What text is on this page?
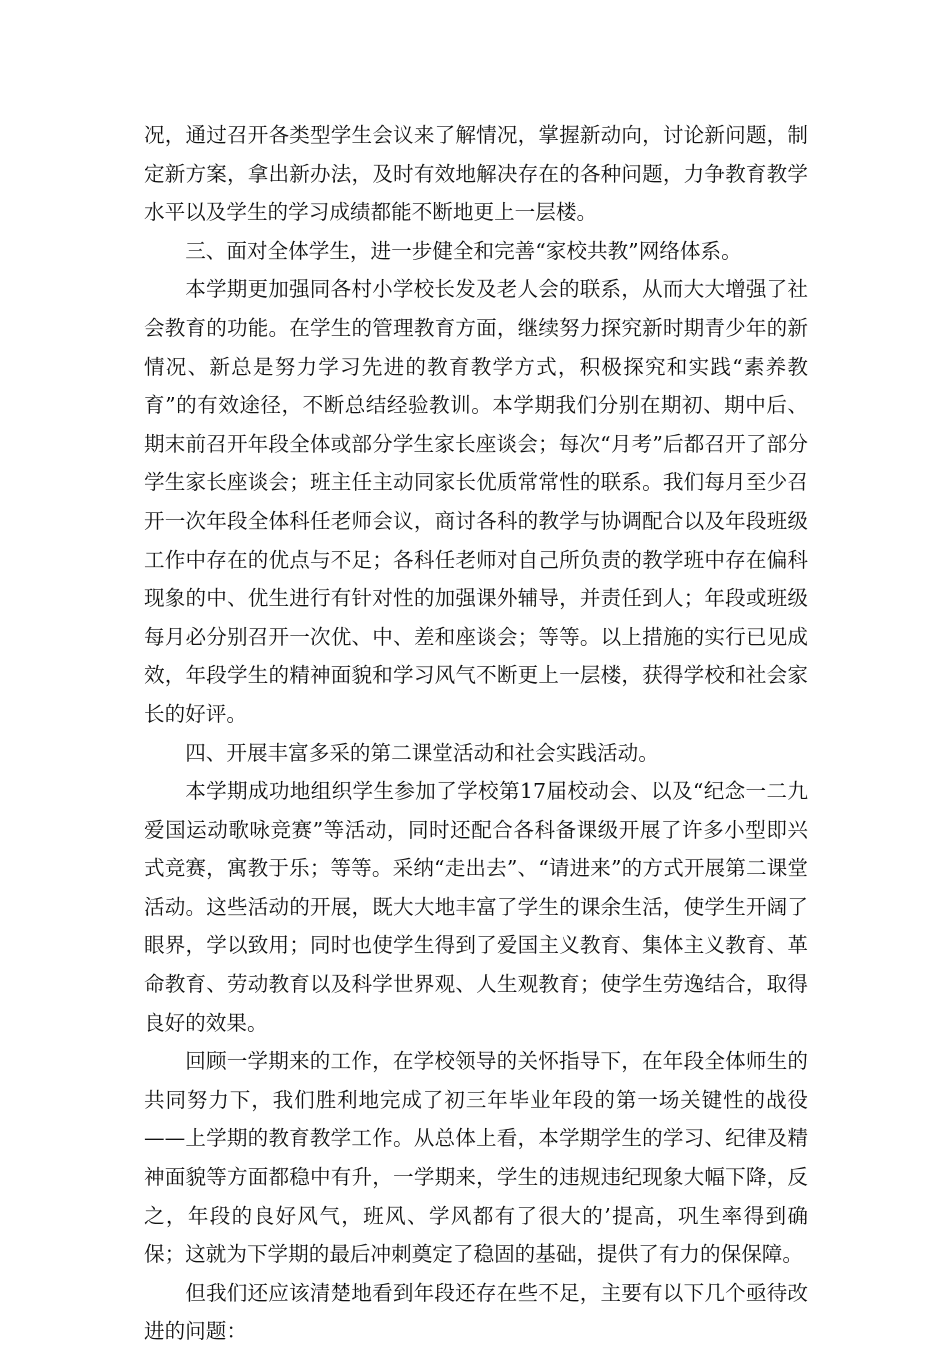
况，通过召开各类型学生会议来了解情况，掌握新动向，讨论新问题，制定新方案，拿出新办法，及时有效地解决存在的各种问题，力争教育教学水平以及学生的学习成绩都能不断地更上一层楼。

三、面对全体学生，进一步健全和完善“家校共教”网络体系。

本学期更加强同各村小学校长发及老人会的联系，从而大大增强了社会教育的功能。在学生的管理教育方面，继续努力探究新时期青少年的新情况、新总是努力学习先进的教育教学方式，积极探究和实践“素养教育”的有效途径，不断总结经验教训。本学期我们分别在期初、期中后、期末前召开年段全体或部分学生家长座谈会；每次“月考”后都召开了部分学生家长座谈会；班主任主动同家长优质常常性的联系。我们每月至少召开一次年段全体科任老师会议，商讨各科的教学与协调配合以及年段班级工作中存在的优点与不足；各科任老师对自己所负责的教学班中存在偏科现象的中、优生进行有针对性的加强课外辅导，并责任到人；年段或班级每月必分别召开一次优、中、差和座谈会；等等。以上措施的实行已见成效，年段学生的精神面貌和学习风气不断更上一层楼，获得学校和社会家长的好评。

四、开展丰富多采的第二课堂活动和社会实践活动。

本学期成功地组织学生参加了学校第17届校动会、以及“纪念一二九爱国运动歌咏竞赛”等活动，同时还配合各科备课级开展了许多小型即兴式竞赛，寓教于乐；等等。采纳“走出去”、“请进来”的方式开展第二课堂活动。这些活动的开展，既大大地丰富了学生的课余生活，使学生开阔了眼界，学以致用；同时也使学生得到了爱国主义教育、集体主义教育、革命教育、劳动教育以及科学世界观、人生观教育；使学生劳逸结合，取得良好的效果。

回顾一学期来的工作，在学校领导的关怀指导下，在年段全体师生的共同努力下，我们胜利地完成了初三年毕业年段的第一场关键性的战役——上学期的教育教学工作。从总体上看，本学期学生的学习、纪律及精神面貌等方面都稳中有升，一学期来，学生的违规违纪现象大幅下降，反之，年段的良好风气，班风、学风都有了很大的’提高，巩生率得到确保；这就为下学期的最后冲刺奠定了稳固的基础，提供了有力的保保障。

但我们还应该清楚地看到年段还存在些不足，主要有以下几个亟待改进的问题：
